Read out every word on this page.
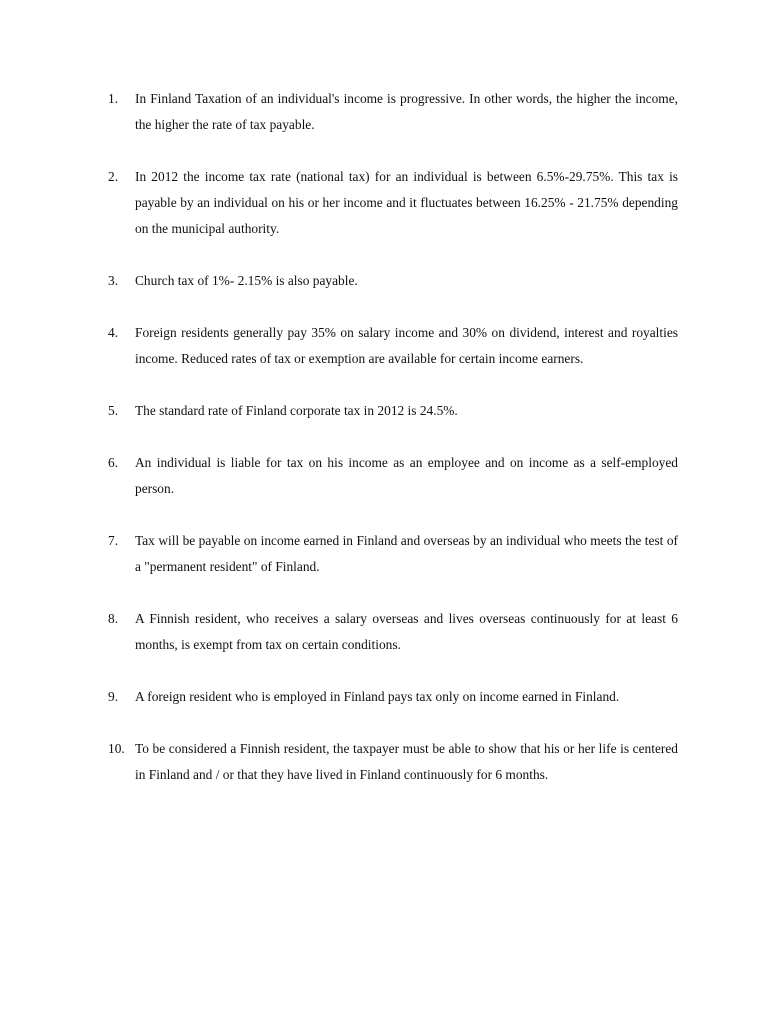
1.	In Finland Taxation of an individual's income is progressive. In other words, the higher the income, the higher the rate of tax payable.
2.	In 2012 the income tax rate (national tax) for an individual is between 6.5%-29.75%. This tax is payable by an individual on his or her income and it fluctuates between 16.25% - 21.75% depending on the municipal authority.
3.	Church tax of 1%- 2.15% is also payable.
4.	Foreign residents generally pay 35% on salary income and 30% on dividend, interest and royalties income. Reduced rates of tax or exemption are available for certain income earners.
5.	The standard rate of Finland corporate tax in 2012 is 24.5%.
6.	An individual is liable for tax on his income as an employee and on income as a self-employed person.
7.	Tax will be payable on income earned in Finland and overseas by an individual who meets the test of a "permanent resident" of Finland.
8.	A Finnish resident, who receives a salary overseas and lives overseas continuously for at least 6 months, is exempt from tax on certain conditions.
9.	A foreign resident who is employed in Finland pays tax only on income earned in Finland.
10. To be considered a Finnish resident, the taxpayer must be able to show that his or her life is centered in Finland and / or that they have lived in Finland continuously for 6 months.
